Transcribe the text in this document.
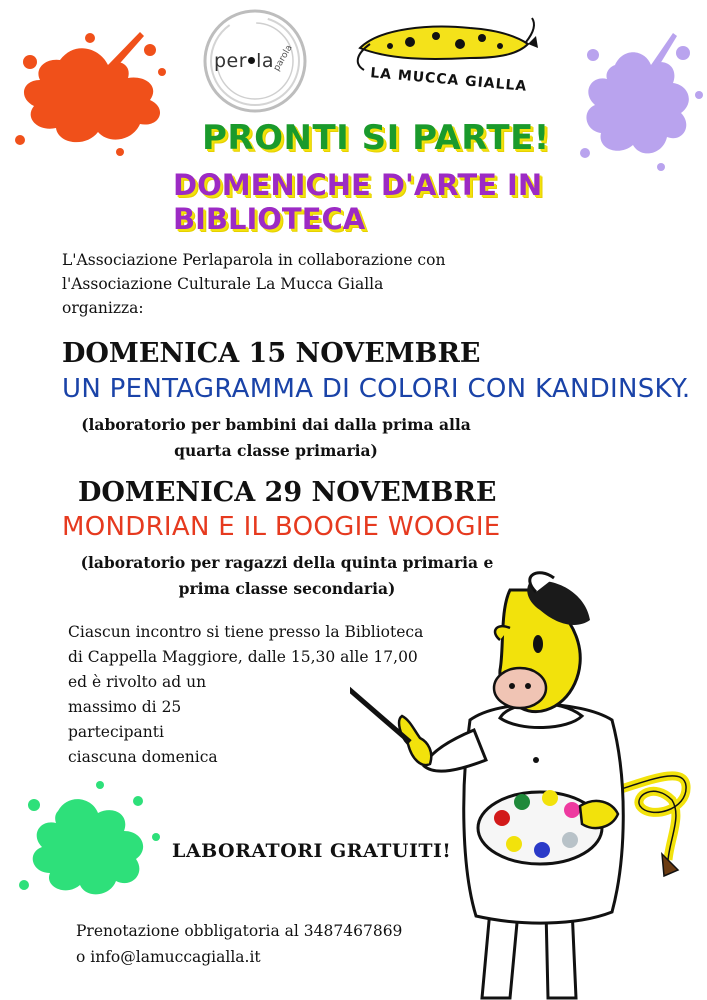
per la
parola
LA MUCCA GIALLA
PRONTI SI PARTE!
DOMENICHE D'ARTE IN BIBLIOTECA
L'Associazione Perlaparola in collaborazione con
l'Associazione Culturale La Mucca Gialla
organizza:
DOMENICA 15 NOVEMBRE
UN PENTAGRAMMA DI COLORI CON KANDINSKY.
(laboratorio per bambini dai dalla prima alla
quarta classe primaria)
DOMENICA 29 NOVEMBRE
MONDRIAN E IL BOOGIE WOOGIE
(laboratorio per ragazzi della quinta primaria e
prima classe secondaria)
Ciascun incontro si tiene presso la Biblioteca
di Cappella Maggiore, dalle 15,30 alle 17,00
ed è rivolto ad un
massimo di 25
partecipanti
ciascuna domenica
LABORATORI GRATUITI!
Prenotazione obbligatoria al 3487467869
o info@lamuccagialla.it
